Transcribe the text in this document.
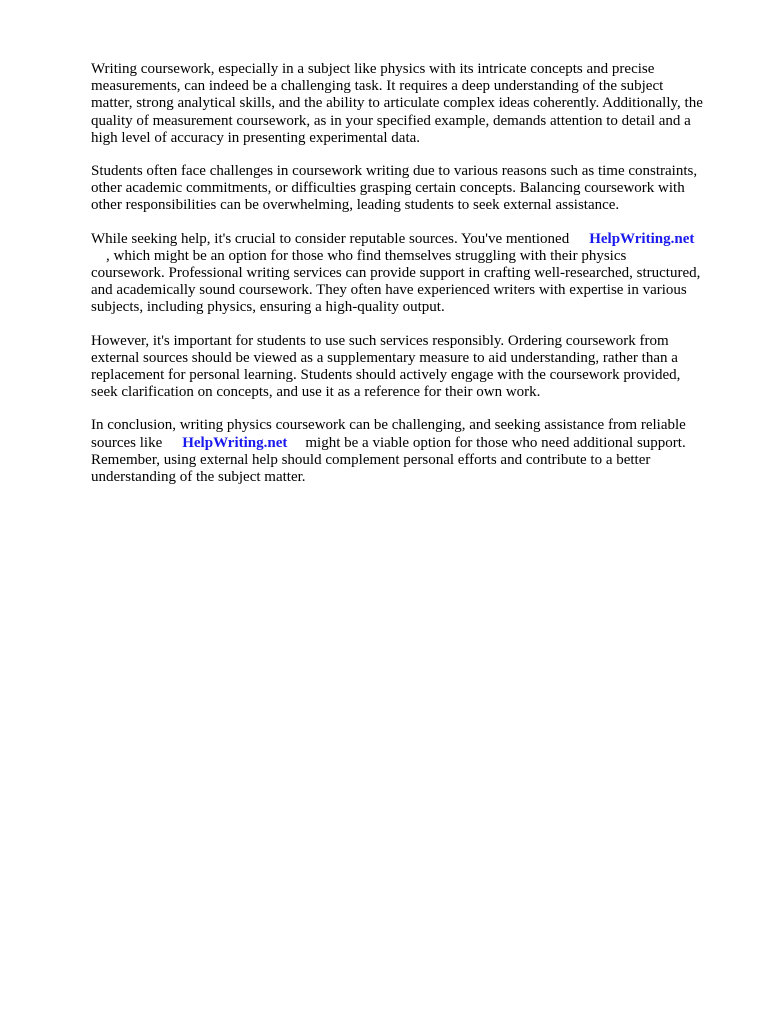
Writing coursework, especially in a subject like physics with its intricate concepts and precise
measurements, can indeed be a challenging task. It requires a deep understanding of the subject
matter, strong analytical skills, and the ability to articulate complex ideas coherently. Additionally, the
quality of measurement coursework, as in your specified example, demands attention to detail and a
high level of accuracy in presenting experimental data.

Students often face challenges in coursework writing due to various reasons such as time constraints,
other academic commitments, or difficulties grasping certain concepts. Balancing coursework with
other responsibilities can be overwhelming, leading students to seek external assistance.

While seeking help, it's crucial to consider reputable sources. You've mentioned HelpWriting.net
, which might be an option for those who find themselves struggling with their physics
coursework. Professional writing services can provide support in crafting well-researched, structured,
and academically sound coursework. They often have experienced writers with expertise in various
subjects, including physics, ensuring a high-quality output.

However, it's important for students to use such services responsibly. Ordering coursework from
external sources should be viewed as a supplementary measure to aid understanding, rather than a
replacement for personal learning. Students should actively engage with the coursework provided,
seek clarification on concepts, and use it as a reference for their own work.

In conclusion, writing physics coursework can be challenging, and seeking assistance from reliable
sources like HelpWriting.net might be a viable option for those who need additional support.
Remember, using external help should complement personal efforts and contribute to a better
understanding of the subject matter.
